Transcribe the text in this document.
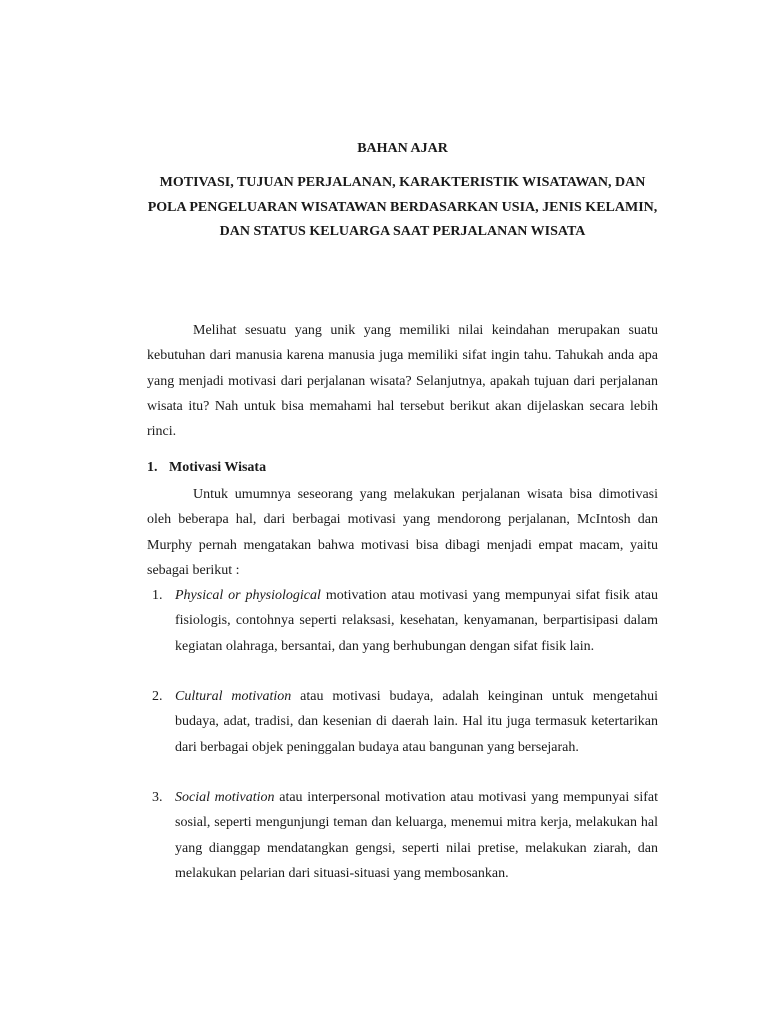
BAHAN AJAR
MOTIVASI, TUJUAN PERJALANAN, KARAKTERISTIK WISATAWAN, DAN POLA PENGELUARAN WISATAWAN BERDASARKAN USIA, JENIS KELAMIN, DAN STATUS KELUARGA SAAT PERJALANAN WISATA

Melihat sesuatu yang unik yang memiliki nilai keindahan merupakan suatu kebutuhan dari manusia karena manusia juga memiliki sifat ingin tahu. Tahukah anda apa yang menjadi motivasi dari perjalanan wisata? Selanjutnya, apakah tujuan dari perjalanan wisata itu? Nah untuk bisa memahami hal tersebut berikut akan dijelaskan secara lebih rinci.

1. Motivasi Wisata

Untuk umumnya seseorang yang melakukan perjalanan wisata bisa dimotivasi oleh beberapa hal, dari berbagai motivasi yang mendorong perjalanan, McIntosh dan Murphy pernah mengatakan bahwa motivasi bisa dibagi menjadi empat macam, yaitu sebagai berikut :

1. Physical or physiological motivation atau motivasi yang mempunyai sifat fisik atau fisiologis, contohnya seperti relaksasi, kesehatan, kenyamanan, berpartisipasi dalam kegiatan olahraga, bersantai, dan yang berhubungan dengan sifat fisik lain.

2. Cultural motivation atau motivasi budaya, adalah keinginan untuk mengetahui budaya, adat, tradisi, dan kesenian di daerah lain. Hal itu juga termasuk ketertarikan dari berbagai objek peninggalan budaya atau bangunan yang bersejarah.

3. Social motivation atau interpersonal motivation atau motivasi yang mempunyai sifat sosial, seperti mengunjungi teman dan keluarga, menemui mitra kerja, melakukan hal yang dianggap mendatangkan gengsi, seperti nilai pretise, melakukan ziarah, dan melakukan pelarian dari situasi-situasi yang membosankan.
